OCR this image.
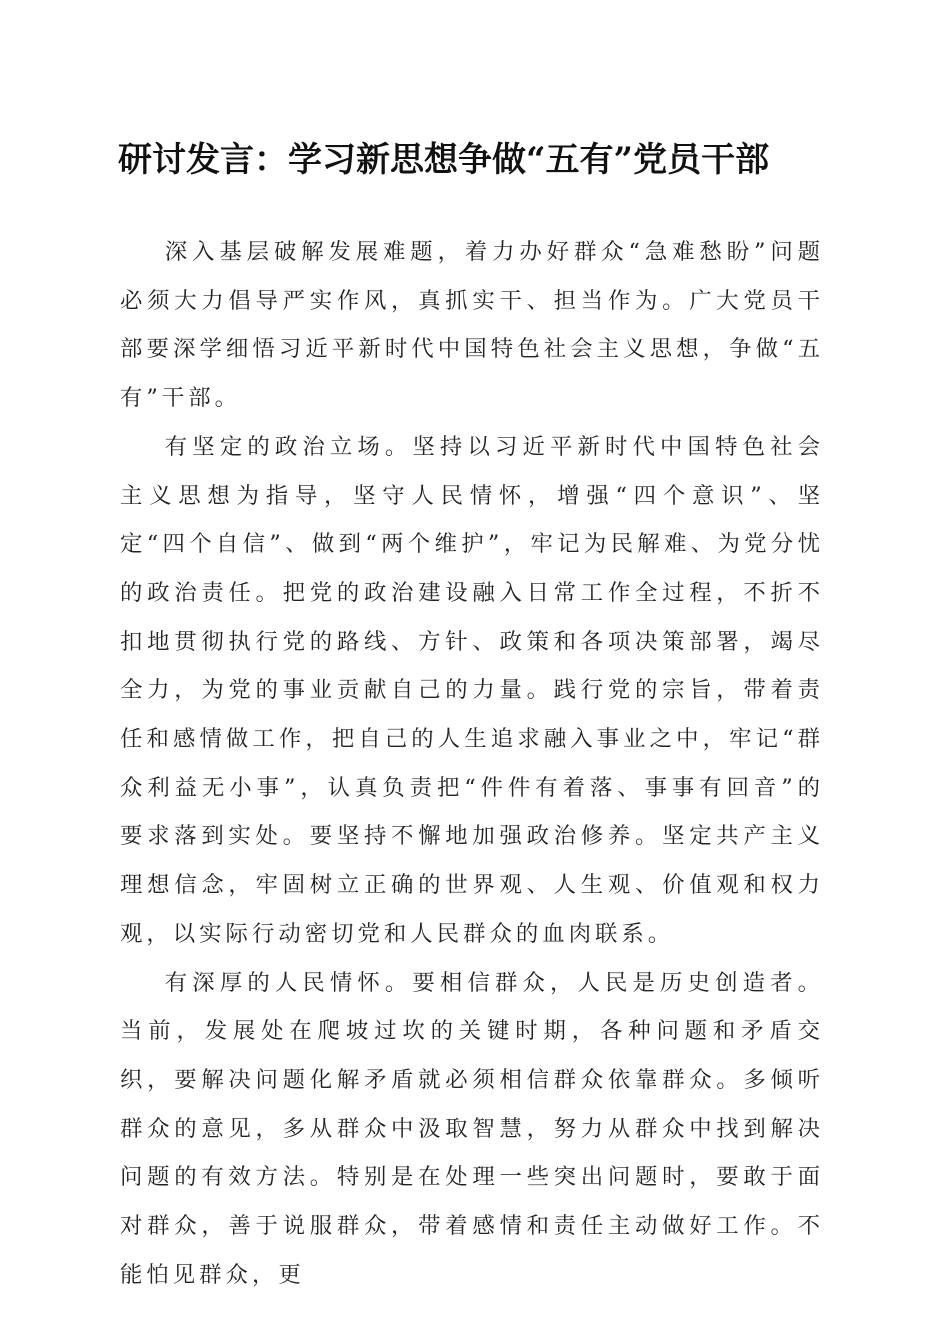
研讨发言：学习新思想争做“五有”党员干部

深入基层破解发展难题，着力办好群众“急难愁盼”问题必须大力倡导严实作风，真抓实干、担当作为。广大党员干部要深学细悟习近平新时代中国特色社会主义思想，争做“五有”干部。

有坚定的政治立场。坚持以习近平新时代中国特色社会主义思想为指导，坚守人民情怀，增强“四个意识”、坚定“四个自信”、做到“两个维护”，牢记为民解难、为党分忧的政治责任。把党的政治建设融入日常工作全过程，不折不扣地贯彻执行党的路线、方针、政策和各项决策部署，竭尽全力，为党的事业贡献自己的力量。践行党的宗旨，带着责任和感情做工作，把自己的人生追求融入事业之中，牢记“群众利益无小事”，认真负责把“件件有着落、事事有回音”的要求落到实处。要坚持不懈地加强政治修养。坚定共产主义理想信念，牢固树立正确的世界观、人生观、价值观和权力观，以实际行动密切党和人民群众的血肉联系。

有深厚的人民情怀。要相信群众，人民是历史创造者。当前，发展处在爬坡过坎的关键时期，各种问题和矛盾交织，要解决问题化解矛盾就必须相信群众依靠群众。多倾听群众的意见，多从群众中汲取智慧，努力从群众中找到解决问题的有效方法。特别是在处理一些突出问题时，要敢于面对群众，善于说服群众，带着感情和责任主动做好工作。不能怕见群众，更
